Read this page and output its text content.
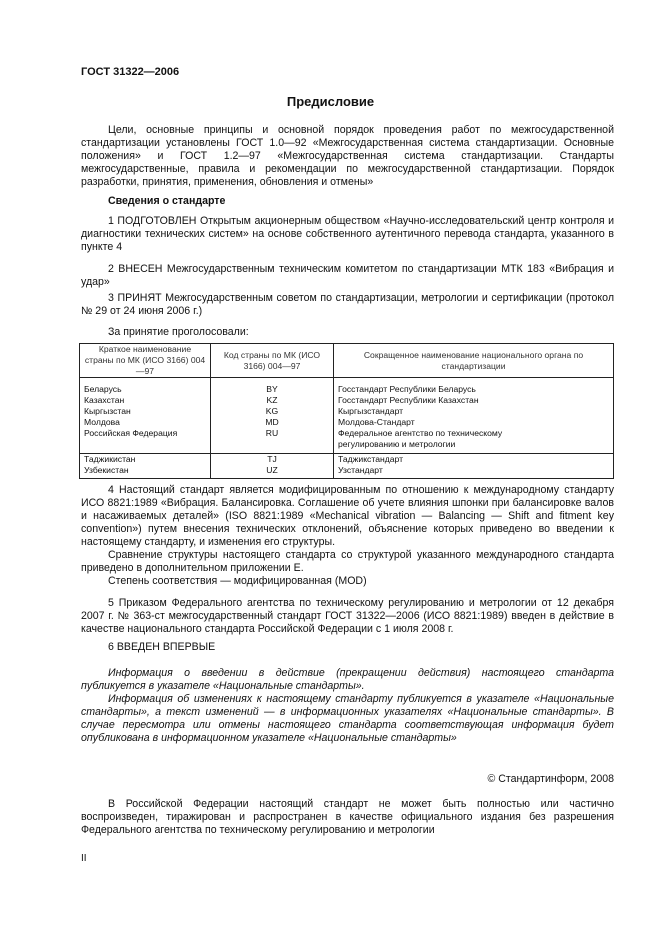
ГОСТ 31322—2006
Предисловие

Цели, основные принципы и основной порядок проведения работ по межгосударственной стандартизации установлены ГОСТ 1.0—92 «Межгосударственная система стандартизации. Основные положения» и ГОСТ 1.2—97 «Межгосударственная система стандартизации. Стандарты межгосударственные, правила и рекомендации по межгосударственной стандартизации. Порядок разработки, принятия, применения, обновления и отмены»

Сведения о стандарте

1 ПОДГОТОВЛЕН Открытым акционерным обществом «Научно-исследовательский центр контроля и диагностики технических систем» на основе собственного аутентичного перевода стандарта, указанного в пункте 4

2 ВНЕСЕН Межгосударственным техническим комитетом по стандартизации МТК 183 «Вибрация и удар»

3 ПРИНЯТ Межгосударственным советом по стандартизации, метрологии и сертификации (протокол № 29 от 24 июня 2006 г.)

За принятие проголосовали:

Краткое наименование страны по МК (ИСО 3166) 004—97	Код страны по МК (ИСО 3166) 004—97	Сокращенное наименование национального органа по стандартизации
Беларусь	BY	Госстандарт Республики Беларусь
Казахстан	KZ	Госстандарт Республики Казахстан
Кыргызстан	KG	Кыргызстандарт
Молдова	MD	Молдова-Стандарт
Российская Федерация	RU	Федеральное агентство по техническому регулированию и метрологии
Таджикистан	TJ	Таджикстандарт
Узбекистан	UZ	Узстандарт

4 Настоящий стандарт является модифицированным по отношению к международному стандарту ИСО 8821:1989 «Вибрация. Балансировка. Соглашение об учете влияния шпонки при балансировке валов и насаживаемых деталей» (ISO 8821:1989 «Mechanical vibration — Balancing — Shift and fitment key convention») путем внесения технических отклонений, объяснение которых приведено во введении к настоящему стандарту, и изменения его структуры.

Сравнение структуры настоящего стандарта со структурой указанного международного стандарта приведено в дополнительном приложении Е.

Степень соответствия — модифицированная (MOD)

5 Приказом Федерального агентства по техническому регулированию и метрологии от 12 декабря 2007 г. № 363-ст межгосударственный стандарт ГОСТ 31322—2006 (ИСО 8821:1989) введен в действие в качестве национального стандарта Российской Федерации с 1 июля 2008 г.

6 ВВЕДЕН ВПЕРВЫЕ

Информация о введении в действие (прекращении действия) настоящего стандарта публикуется в указателе «Национальные стандарты».

Информация об изменениях к настоящему стандарту публикуется в указателе «Национальные стандарты», а текст изменений — в информационных указателях «Национальные стандарты». В случае пересмотра или отмены настоящего стандарта соответствующая информация будет опубликована в информационном указателе «Национальные стандарты»

© Стандартинформ, 2008

В Российской Федерации настоящий стандарт не может быть полностью или частично воспроизведен, тиражирован и распространен в качестве официального издания без разрешения Федерального агентства по техническому регулированию и метрологии

II
